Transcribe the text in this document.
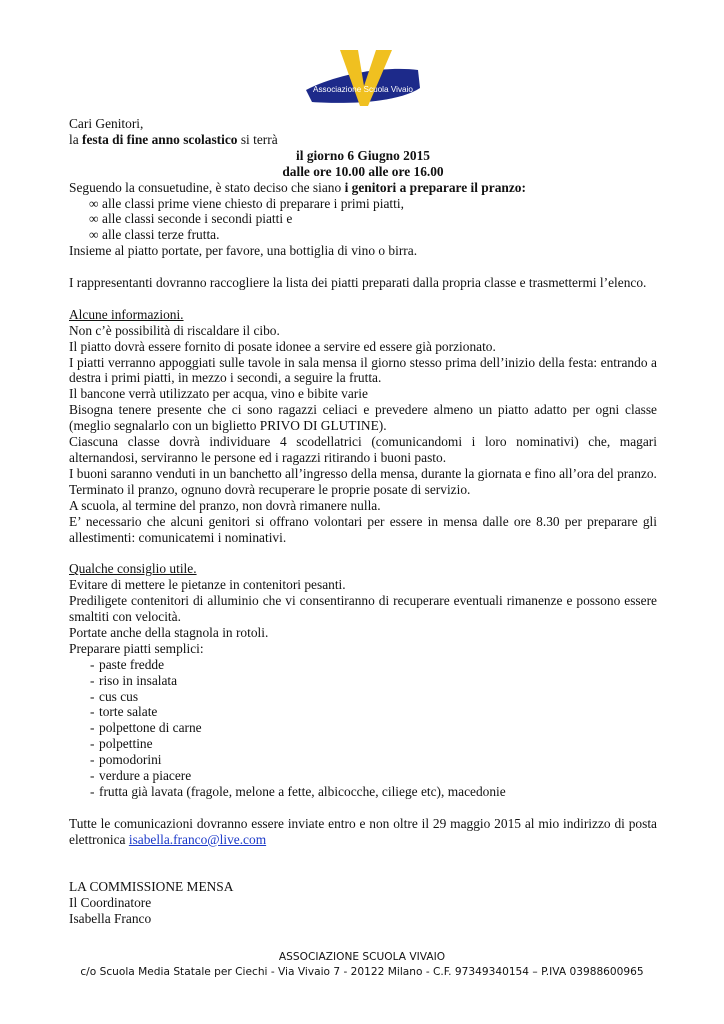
Associazione Scuola Vivaio

Cari Genitori,

la festa di fine anno scolastico si terrà

il giorno 6 Giugno 2015

dalle ore 10.00 alle ore 16.00

Seguendo la consuetudine, è stato deciso che siano i genitori a preparare il pranzo:

∞ alle classi prime viene chiesto di preparare i primi piatti,

∞ alle classi seconde i secondi piatti e

∞ alle classi terze frutta.

Insieme al piatto portate, per favore, una bottiglia di vino o birra.

I rappresentanti dovranno raccogliere la lista dei piatti preparati dalla propria classe e trasmettermi l’elenco.

Alcune informazioni.

Non c’è possibilità di riscaldare il cibo.

Il piatto dovrà essere fornito di posate idonee a servire ed essere già porzionato.

I piatti verranno appoggiati sulle tavole in sala mensa il giorno stesso prima dell’inizio della festa: entrando a destra i primi piatti, in mezzo i secondi, a seguire la frutta.

Il bancone verrà utilizzato per acqua, vino e bibite varie

Bisogna tenere presente che ci sono ragazzi celiaci e prevedere almeno un piatto adatto per ogni classe (meglio segnalarlo con un biglietto PRIVO DI GLUTINE).

Ciascuna classe dovrà individuare 4 scodellatrici (comunicandomi i loro nominativi) che, magari alternandosi, serviranno le persone ed i ragazzi ritirando i buoni pasto.

I buoni saranno venduti in un banchetto all’ingresso della mensa, durante la giornata e fino all’ora del pranzo.

Terminato il pranzo, ognuno dovrà recuperare le proprie posate di servizio.

A scuola, al termine del pranzo, non dovrà rimanere nulla.

E’ necessario che alcuni genitori si offrano volontari per essere in mensa dalle ore 8.30 per preparare gli allestimenti: comunicatemi i nominativi.

Qualche consiglio utile.

Evitare di mettere le pietanze in contenitori pesanti.

Prediligete contenitori di alluminio che vi consentiranno di recuperare eventuali rimanenze e possono essere smaltiti con velocità.

Portate anche della stagnola in rotoli.

Preparare piatti semplici:

- paste fredde
- riso in insalata
- cus cus
- torte salate
- polpettone di carne
- polpettine
- pomodorini
- verdure a piacere
- frutta già lavata (fragole, melone a fette, albicocche, ciliege etc), macedonie

Tutte le comunicazioni dovranno essere inviate entro e non oltre il 29 maggio 2015 al mio indirizzo di posta elettronica isabella.franco@live.com

LA COMMISSIONE MENSA

Il Coordinatore

Isabella Franco

ASSOCIAZIONE SCUOLA VIVAIO
c/o Scuola Media Statale per Ciechi - Via Vivaio 7 - 20122 Milano - C.F. 97349340154 – P.IVA 03988600965
